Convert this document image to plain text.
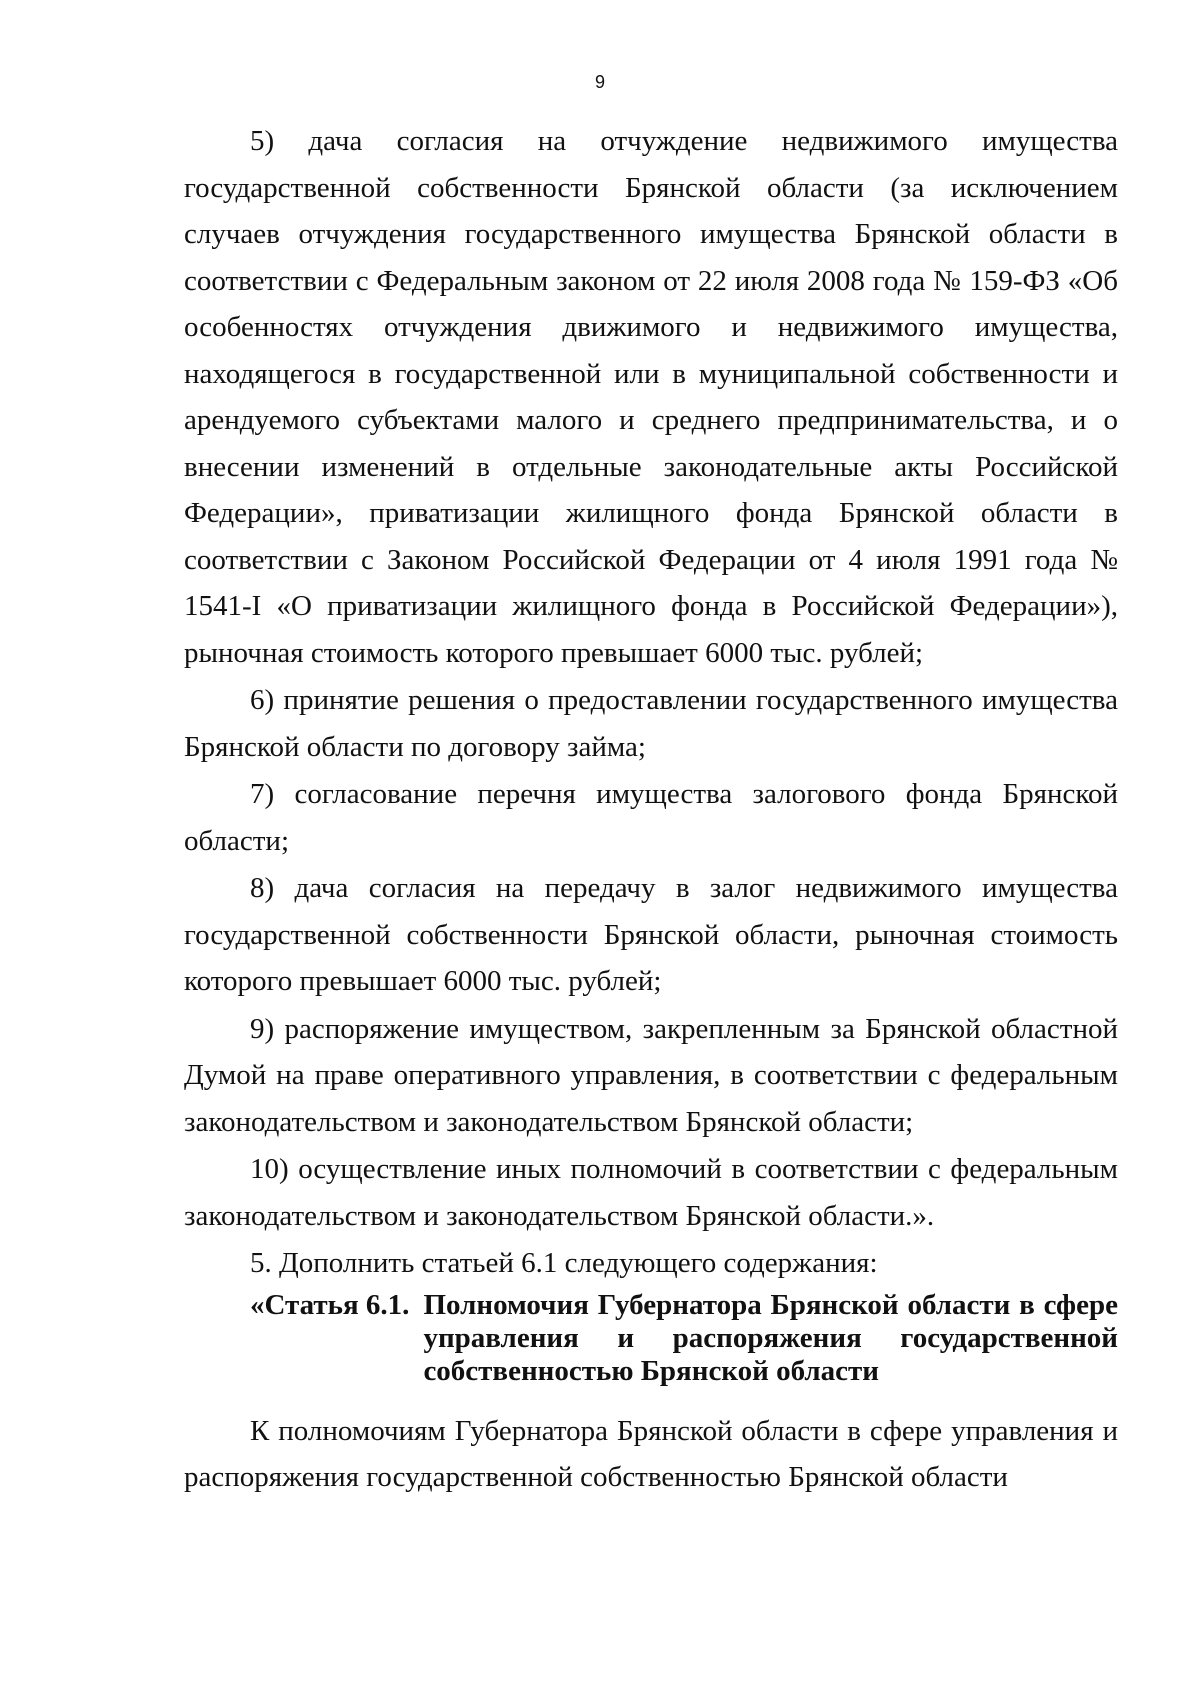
9

5) дача согласия на отчуждение недвижимого имущества государственной собственности Брянской области (за исключением случаев отчуждения государственного имущества Брянской области в соответствии с Федеральным законом от 22 июля 2008 года № 159-ФЗ «Об особенностях отчуждения движимого и недвижимого имущества, находящегося в государственной или в муниципальной собственности и арендуемого субъектами малого и среднего предпринимательства, и о внесении изменений в отдельные законодательные акты Российской Федерации», приватизации жилищного фонда Брянской области в соответствии с Законом Российской Федерации от 4 июля 1991 года № 1541-I «О приватизации жилищного фонда в Российской Федерации»), рыночная стоимость которого превышает 6000 тыс. рублей;

6) принятие решения о предоставлении государственного имущества Брянской области по договору займа;

7) согласование перечня имущества залогового фонда Брянской области;

8) дача согласия на передачу в залог недвижимого имущества государственной собственности Брянской области, рыночная стоимость которого превышает 6000 тыс. рублей;

9) распоряжение имуществом, закрепленным за Брянской областной Думой на праве оперативного управления, в соответствии с федеральным законодательством и законодательством Брянской области;

10) осуществление иных полномочий в соответствии с федеральным законодательством и законодательством Брянской области.».

5. Дополнить статьей 6.1 следующего содержания:

«Статья 6.1. Полномочия Губернатора Брянской области в сфере управления и распоряжения государственной собственностью Брянской области

К полномочиям Губернатора Брянской области в сфере управления и распоряжения государственной собственностью Брянской области
